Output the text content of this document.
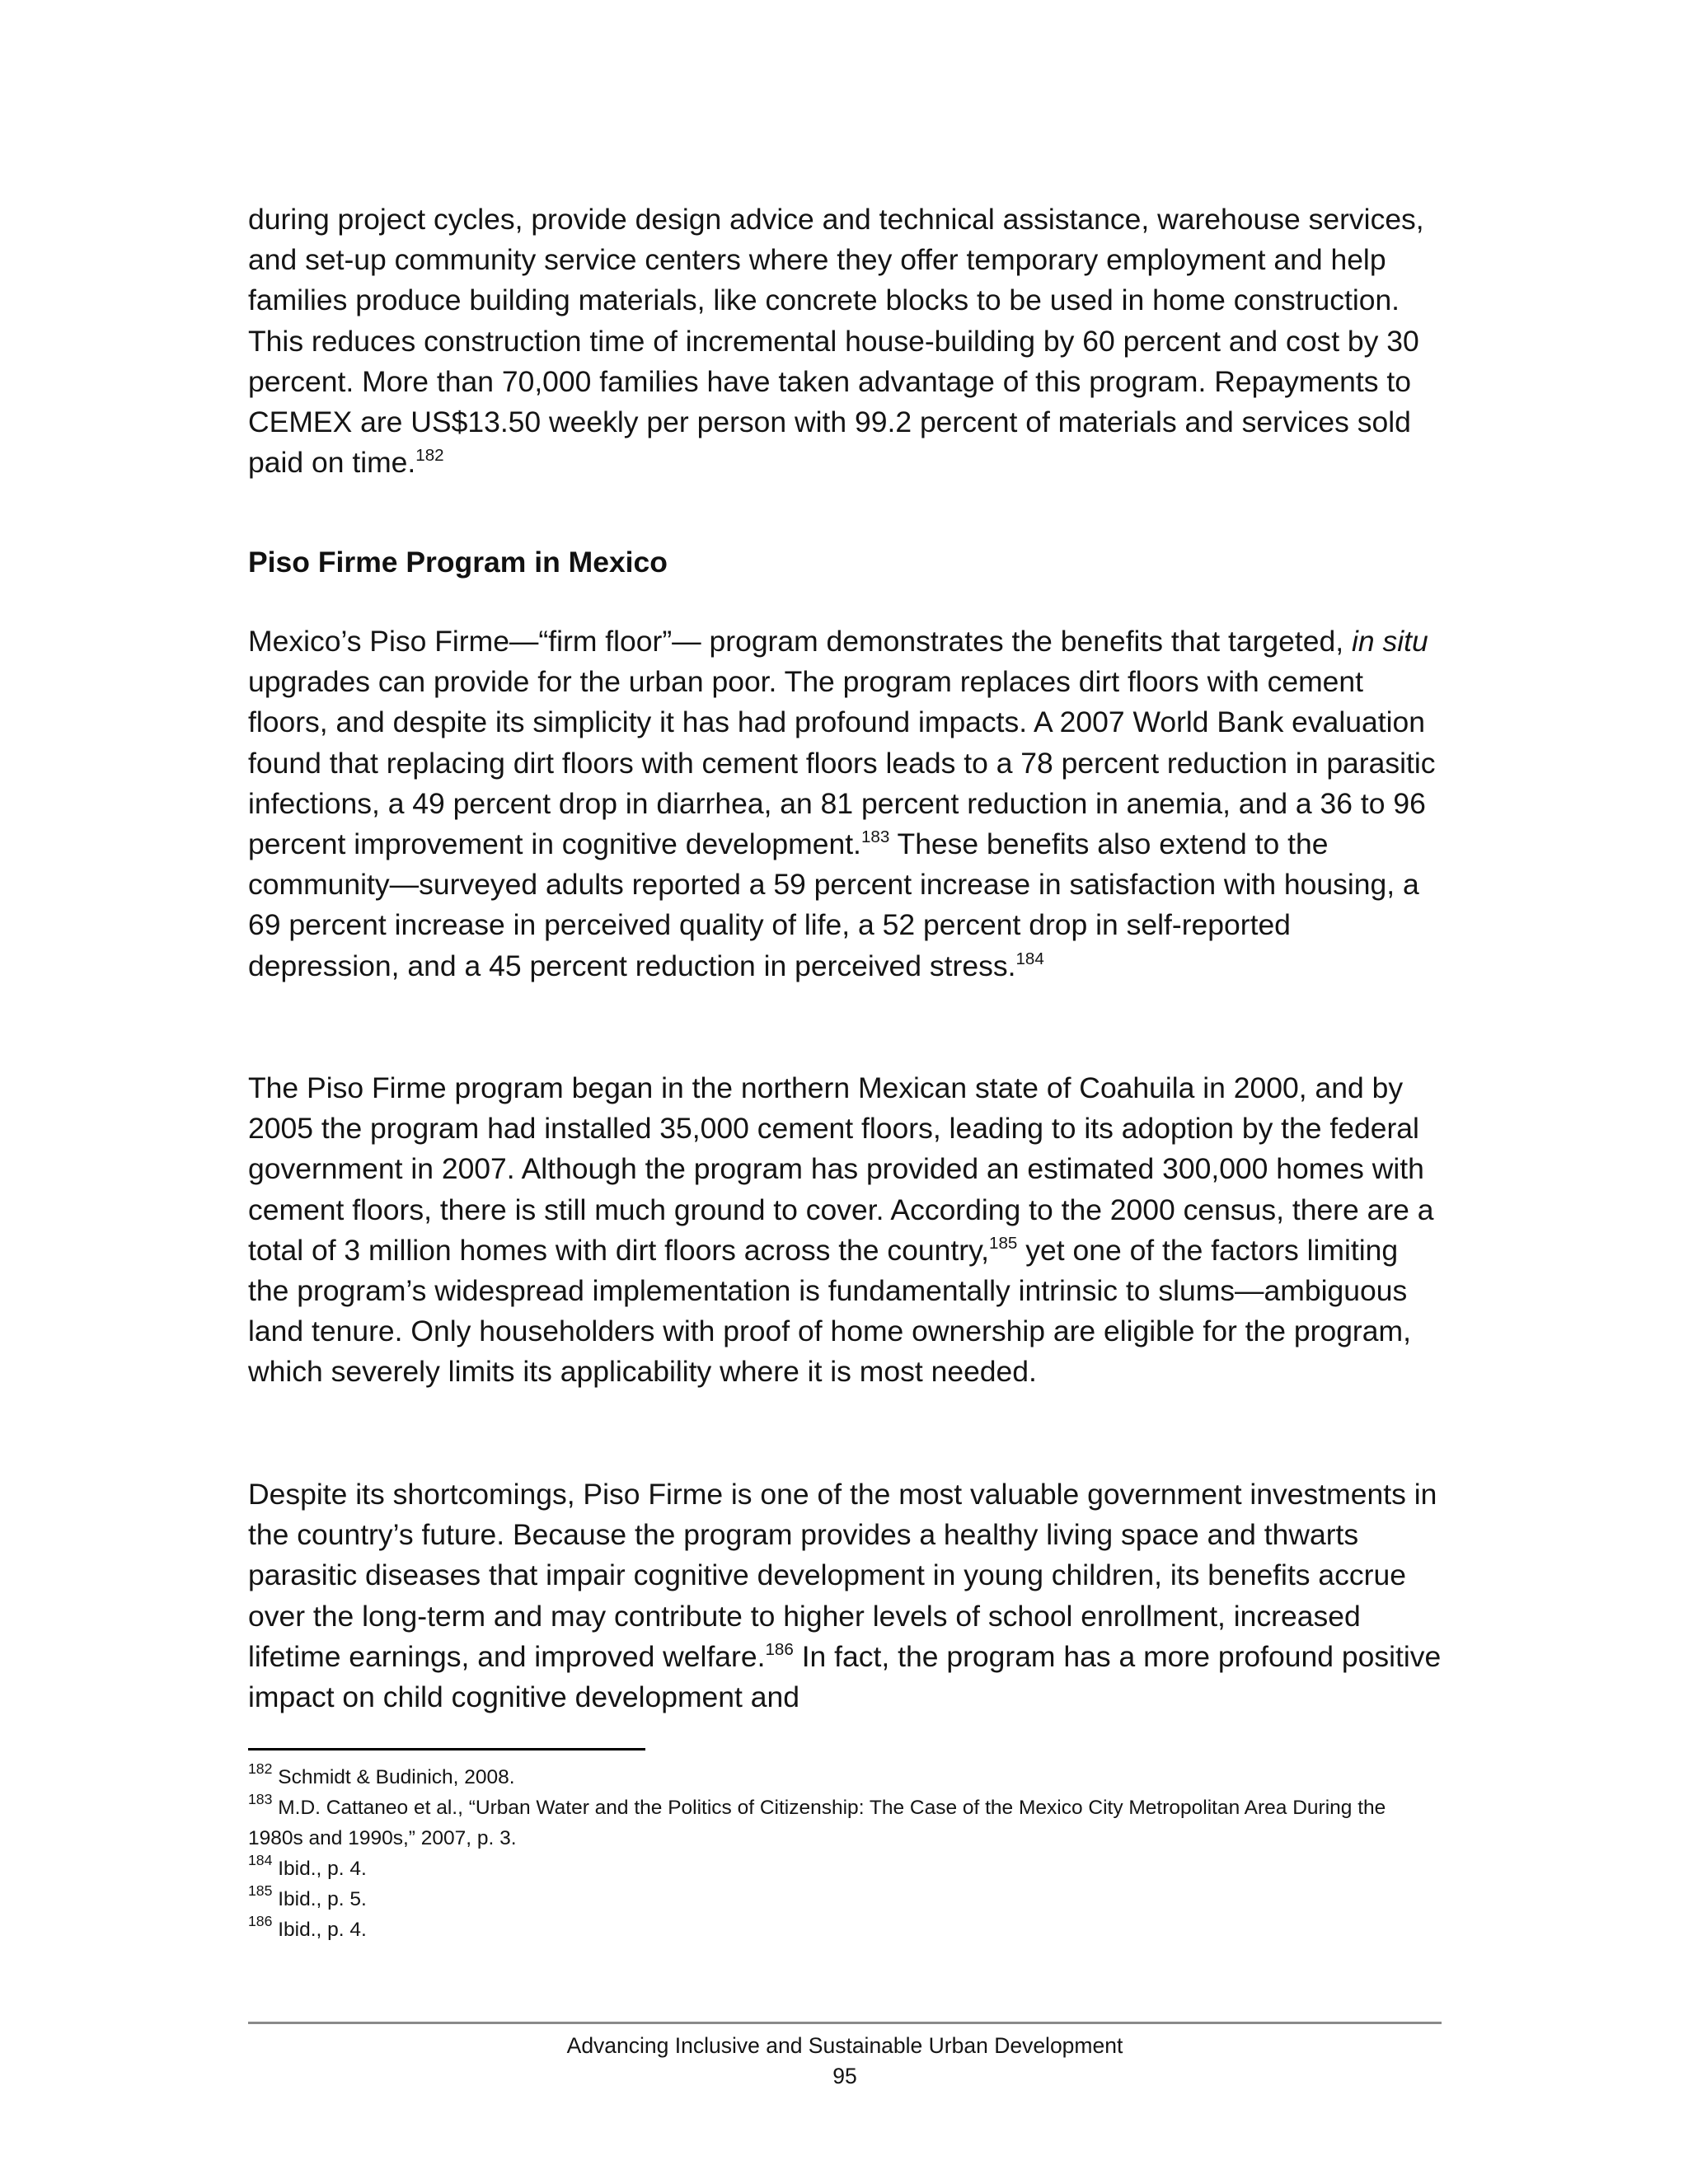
during project cycles, provide design advice and technical assistance, warehouse services, and set-up community service centers where they offer temporary employment and help families produce building materials, like concrete blocks to be used in home construction. This reduces construction time of incremental house-building by 60 percent and cost by 30 percent. More than 70,000 families have taken advantage of this program. Repayments to CEMEX are US$13.50 weekly per person with 99.2 percent of materials and services sold paid on time.$^{182}$

Piso Firme Program in Mexico

Mexico’s Piso Firme—“firm floor”— program demonstrates the benefits that targeted, in situ upgrades can provide for the urban poor. The program replaces dirt floors with cement floors, and despite its simplicity it has had profound impacts. A 2007 World Bank evaluation found that replacing dirt floors with cement floors leads to a 78 percent reduction in parasitic infections, a 49 percent drop in diarrhea, an 81 percent reduction in anemia, and a 36 to 96 percent improvement in cognitive development.$^{183}$ These benefits also extend to the community—surveyed adults reported a 59 percent increase in satisfaction with housing, a 69 percent increase in perceived quality of life, a 52 percent drop in self-reported depression, and a 45 percent reduction in perceived stress.$^{184}$

The Piso Firme program began in the northern Mexican state of Coahuila in 2000, and by 2005 the program had installed 35,000 cement floors, leading to its adoption by the federal government in 2007. Although the program has provided an estimated 300,000 homes with cement floors, there is still much ground to cover. According to the 2000 census, there are a total of 3 million homes with dirt floors across the country,$^{185}$ yet one of the factors limiting the program’s widespread implementation is fundamentally intrinsic to slums—ambiguous land tenure. Only householders with proof of home ownership are eligible for the program, which severely limits its applicability where it is most needed.

Despite its shortcomings, Piso Firme is one of the most valuable government investments in the country’s future. Because the program provides a healthy living space and thwarts parasitic diseases that impair cognitive development in young children, its benefits accrue over the long-term and may contribute to higher levels of school enrollment, increased lifetime earnings, and improved welfare.$^{186}$ In fact, the program has a more profound positive impact on child cognitive development and

$^{182}$ Schmidt & Budinich, 2008.

$^{183}$ M.D. Cattaneo et al., “Urban Water and the Politics of Citizenship: The Case of the Mexico City Metropolitan Area During the 1980s and 1990s,” 2007, p. 3.

$^{184}$ Ibid., p. 4.

$^{185}$ Ibid., p. 5.

$^{186}$ Ibid., p. 4.

Advancing Inclusive and Sustainable Urban Development

95
